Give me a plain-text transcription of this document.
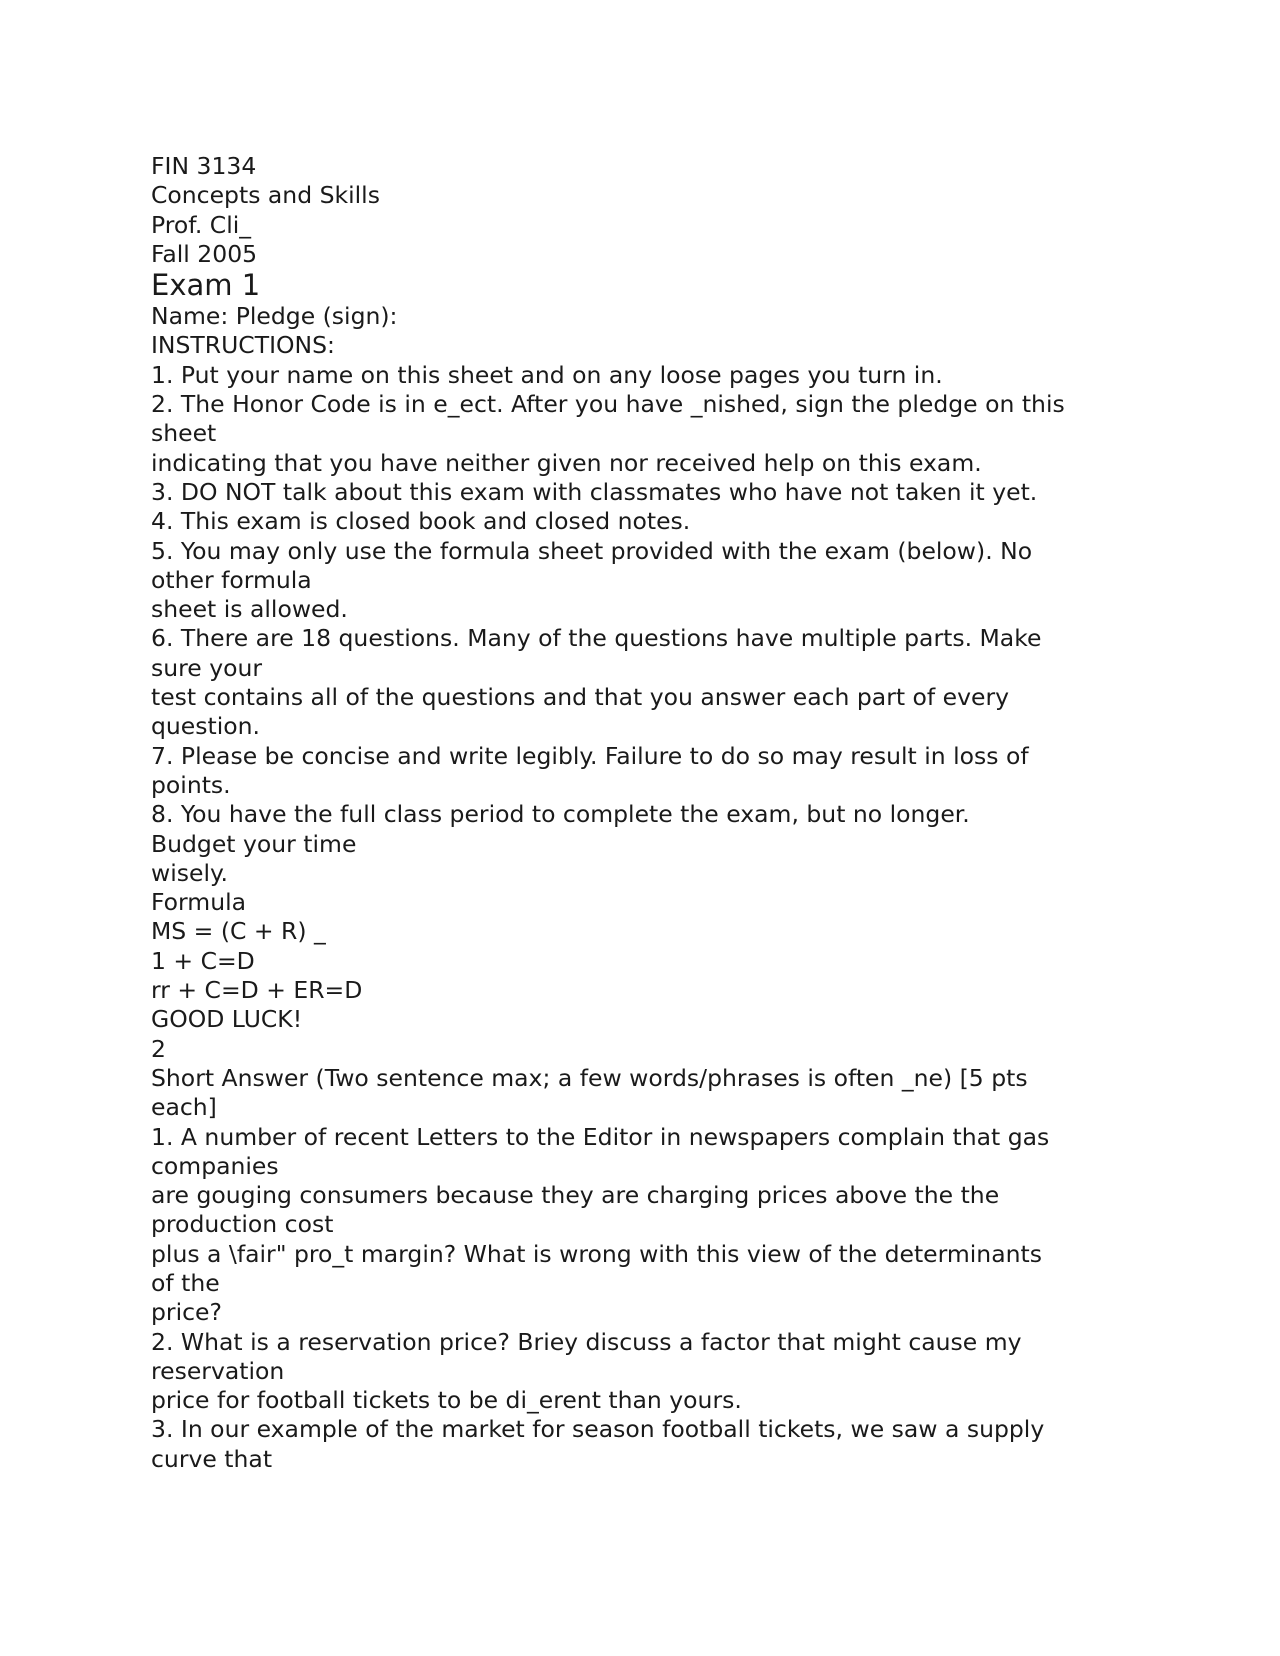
FIN 3134

Concepts and Skills

Prof. Cli_

Fall 2005

Exam 1

Name: Pledge (sign):

INSTRUCTIONS:

1. Put your name on this sheet and on any loose pages you turn in.

2. The Honor Code is in e_ect. After you have _nished, sign the pledge on this

sheet

indicating that you have neither given nor received help on this exam.

3. DO NOT talk about this exam with classmates who have not taken it yet.

4. This exam is closed book and closed notes.

5. You may only use the formula sheet provided with the exam (below). No

other formula

sheet is allowed.

6. There are 18 questions. Many of the questions have multiple parts. Make

sure your

test contains all of the questions and that you answer each part of every

question.

7. Please be concise and write legibly. Failure to do so may result in loss of

points.

8. You have the full class period to complete the exam, but no longer.

Budget your time

wisely.

Formula

MS = (C + R) _

1 + C=D

rr + C=D + ER=D

GOOD LUCK!

2

Short Answer (Two sentence max; a few words/phrases is often _ne) [5 pts

each]

1. A number of recent Letters to the Editor in newspapers complain that gas

companies

are gouging consumers because they are charging prices above the the

production cost

plus a \fair" pro_t margin? What is wrong with this view of the determinants

of the

price?

2. What is a reservation price? Briey discuss a factor that might cause my

reservation

price for football tickets to be di_erent than yours.

3. In our example of the market for season football tickets, we saw a supply

curve that
